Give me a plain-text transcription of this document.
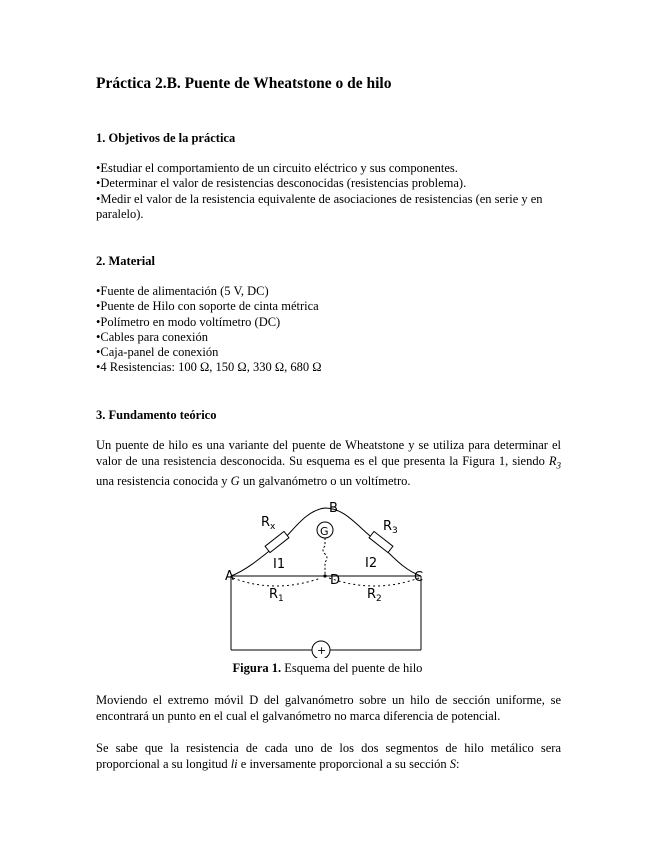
Práctica 2.B. Puente de Wheatstone o de hilo
1. Objetivos de la práctica
•Estudiar el comportamiento de un circuito eléctrico y sus componentes.
•Determinar el valor de resistencias desconocidas (resistencias problema).
•Medir el valor de la resistencia equivalente de asociaciones de resistencias (en serie y en paralelo).
2. Material
•Fuente de alimentación (5 V, DC)
•Puente de Hilo con soporte de cinta métrica
•Polímetro en modo voltímetro (DC)
•Cables para conexión
•Caja-panel de conexión
•4 Resistencias: 100 Ω, 150 Ω, 330 Ω, 680 Ω
3. Fundamento teórico
Un puente de hilo es una variante del puente de Wheatstone y se utiliza para determinar el valor de una resistencia desconocida. Su esquema es el que presenta la Figura 1, siendo $R_3$ una resistencia conocida y G un galvanómetro o un voltímetro.
A
B
C
D
G
I1	I2
$R_x$	$R_3$
$R_1$	$R_2$
+
Figura 1. Esquema del puente de hilo
Moviendo el extremo móvil D del galvanómetro sobre un hilo de sección uniforme, se encontrará un punto en el cual el galvanómetro no marca diferencia de potencial.
Se sabe que la resistencia de cada uno de los dos segmentos de hilo metálico sera proporcional a su longitud li e inversamente proporcional a su sección S:
